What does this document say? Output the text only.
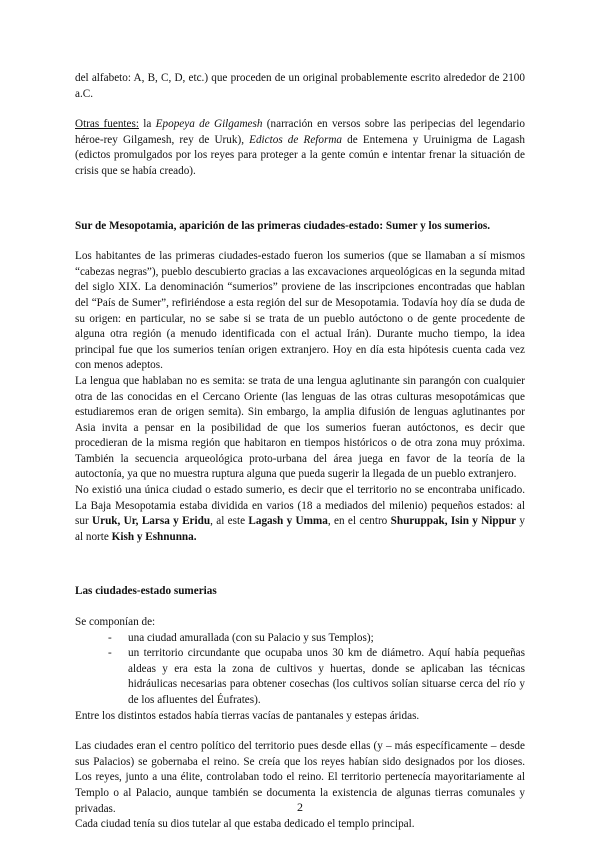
del alfabeto: A, B, C, D, etc.) que proceden de un original probablemente escrito alrededor de 2100 a.C.

Otras fuentes: la Epopeya de Gilgamesh (narración en versos sobre las peripecias del legendario héroe-rey Gilgamesh, rey de Uruk), Edictos de Reforma de Entemena y Uruinigma de Lagash (edictos promulgados por los reyes para proteger a la gente común e intentar frenar la situación de crisis que se había creado).

Sur de Mesopotamia, aparición de las primeras ciudades-estado: Sumer y los sumerios.

Los habitantes de las primeras ciudades-estado fueron los sumerios (que se llamaban a sí mismos “cabezas negras”), pueblo descubierto gracias a las excavaciones arqueológicas en la segunda mitad del siglo XIX. La denominación “sumerios” proviene de las inscripciones encontradas que hablan del “País de Sumer”, refiriéndose a esta región del sur de Mesopotamia. Todavía hoy día se duda de su origen: en particular, no se sabe si se trata de un pueblo autóctono o de gente procedente de alguna otra región (a menudo identificada con el actual Irán). Durante mucho tiempo, la idea principal fue que los sumerios tenían origen extranjero. Hoy en día esta hipótesis cuenta cada vez con menos adeptos.

La lengua que hablaban no es semita: se trata de una lengua aglutinante sin parangón con cualquier otra de las conocidas en el Cercano Oriente (las lenguas de las otras culturas mesopotámicas que estudiaremos eran de origen semita). Sin embargo, la amplia difusión de lenguas aglutinantes por Asia invita a pensar en la posibilidad de que los sumerios fueran autóctonos, es decir que procedieran de la misma región que habitaron en tiempos históricos o de otra zona muy próxima. También la secuencia arqueológica proto-urbana del área juega en favor de la teoría de la autoctonía, ya que no muestra ruptura alguna que pueda sugerir la llegada de un pueblo extranjero.

No existió una única ciudad o estado sumerio, es decir que el territorio no se encontraba unificado. La Baja Mesopotamia estaba dividida en varios (18 a mediados del milenio) pequeños estados: al sur Uruk, Ur, Larsa y Eridu, al este Lagash y Umma, en el centro Shuruppak, Isin y Nippur y al norte Kish y Eshnunna.

Las ciudades-estado sumerias

Se componían de:

- una ciudad amurallada (con su Palacio y sus Templos);
- un territorio circundante que ocupaba unos 30 km de diámetro. Aquí había pequeñas aldeas y era esta la zona de cultivos y huertas, donde se aplicaban las técnicas hidráulicas necesarias para obtener cosechas (los cultivos solían situarse cerca del río y de los afluentes del Éufrates).

Entre los distintos estados había tierras vacías de pantanales y estepas áridas.

Las ciudades eran el centro político del territorio pues desde ellas (y – más específicamente – desde sus Palacios) se gobernaba el reino. Se creía que los reyes habían sido designados por los dioses. Los reyes, junto a una élite, controlaban todo el reino. El territorio pertenecía mayoritariamente al Templo o al Palacio, aunque también se documenta la existencia de algunas tierras comunales y privadas.

Cada ciudad tenía su dios tutelar al que estaba dedicado el templo principal.

2
